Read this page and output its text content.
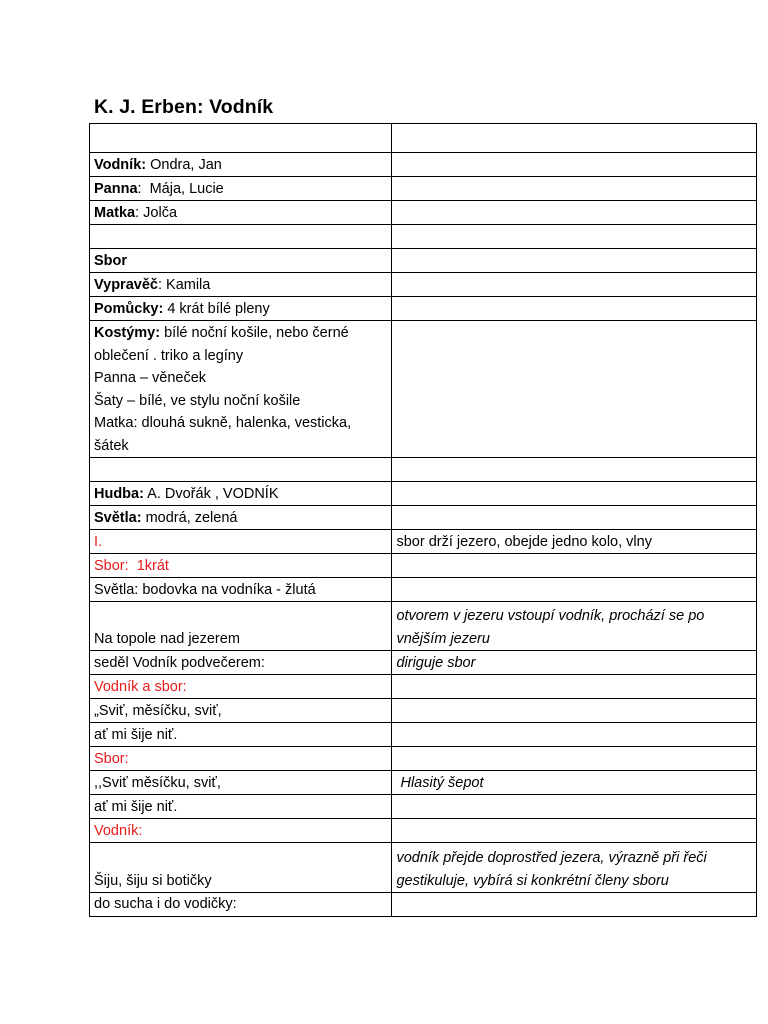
K. J. Erben: Vodník

Vodník: Ondra, Jan	
Panna:  Mája, Lucie	
Matka: Jolča	

Sbor	
Vypravěč: Kamila	
Pomůcky: 4 krát bílé pleny	
Kostýmy: bílé noční košile, nebo černé oblečení . triko a legíny
Panna – věneček
Šaty – bílé, ve stylu noční košile
Matka: dlouhá sukně, halenka, vesticka, šátek	

Hudba: A. Dvořák , VODNÍK	
Světla: modrá, zelená	
I.	sbor drží jezero, obejde jedno kolo, vlny
Sbor:  1krát	
Světla: bodovka na vodníka - žlutá	
Na topole nad jezerem	otvorem v jezeru vstoupí vodník, prochází se po vnějším jezeru
seděl Vodník podvečerem:	diriguje sbor
Vodník a sbor:	
„Sviť, měsíčku, sviť,	
ať mi šije niť.	
Sbor:	
,,Sviť měsíčku, sviť,	Hlasitý šepot
ať mi šije niť.	
Vodník:	
Šiju, šiju si botičky	vodník přejde doprostřed jezera, výrazně při řeči gestikuluje, vybírá si konkrétní členy sboru
do sucha i do vodičky:	
